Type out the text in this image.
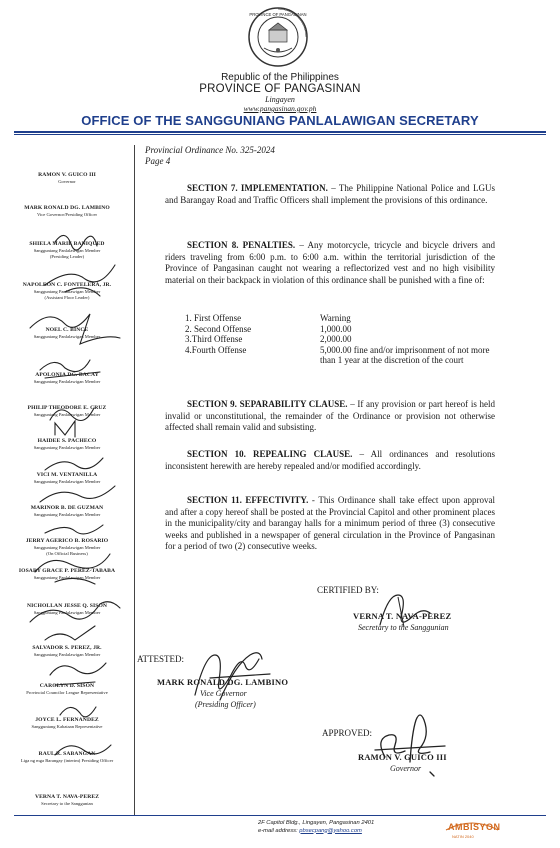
PROVINCE OF PANGASINAN
Republic of the Philippines
PROVINCE OF PANGASINAN
Lingayen
www.pangasinan.gov.ph
OFFICE OF THE SANGGUNIANG PANLALAWIGAN SECRETARY
RAMON V. GUICO III
Governor
MARK RONALD DG. LAMBINO
Vice Governor/Presiding Officer
SHIELA MARIE BANIQUED
Sangguniang Panlalawigan Member
(Presiding Leader)
NAPOLEON C. FONTELERA, JR.
Sangguniang Panlalawigan Member
(Assistant Floor Leader)
NOEL C. BINCE
Sangguniang Panlalawigan Member
APOLONIA DG. BACAY
Sangguniang Panlalawigan Member
PHILIP THEODORE E. CRUZ
Sangguniang Panlalawigan Member
HAIDEE S. PACHECO
Sangguniang Panlalawigan Member
VICI M. VENTANILLA
Sangguniang Panlalawigan Member
MARINOR B. DE GUZMAN
Sangguniang Panlalawigan Member
JERRY AGERICO B. ROSARIO
Sangguniang Panlalawigan Member
(On Official Business)
IOSARY GRACE P. PEREZ-TABABA
Sangguniang Panlalawigan Member
NICHOLLAN JESSE Q. SISON
Sangguniang Panlalawigan Member
SALVADOR S. PEREZ, JR.
Sangguniang Panlalawigan Member
CAROLYN D. SISON
Provincial Councilor League Representative
JOYCE L. FERNANDEZ
Sangguniang Kabataan Representative
RAUL R. SABANGAN
Liga ng mga Barangay (interim) Presiding Officer
VERNA T. NAVA-PEREZ
Secretary to the Sanggunian
Provincial Ordinance No. 325-2024
Page 4
SECTION 7. IMPLEMENTATION. – The Philippine National Police and LGUs and Barangay Road and Traffic Officers shall implement the provisions of this ordinance.
SECTION 8. PENALTIES. – Any motorcycle, tricycle and bicycle drivers and riders traveling from 6:00 p.m. to 6:00 a.m. within the territorial jurisdiction of the Province of Pangasinan caught not wearing a reflectorized vest and no high visibility material on their backpack in violation of this ordinance shall be punished with a fine of:
1. First Offense	Warning
2. Second Offense	1,000.00
3.Third Offense	2,000.00
4.Fourth Offense	5,000.00 fine and/or imprisonment of not more than 1 year at the discretion of the court
SECTION 9. SEPARABILITY CLAUSE. – If any provision or part hereof is held invalid or unconstitutional, the remainder of the Ordinance or provision not otherwise affected shall remain valid and subsisting.
SECTION 10. REPEALING CLAUSE. – All ordinances and resolutions inconsistent herewith are hereby repealed and/or modified accordingly.
SECTION 11. EFFECTIVITY. - This Ordinance shall take effect upon approval and after a copy hereof shall be posted at the Provincial Capitol and other prominent places in the municipality/city and barangay halls for a minimum period of three (3) consecutive weeks and published in a newspaper of general circulation in the Province of Pangasinan for a period of two (2) consecutive weeks.
CERTIFIED BY:
VERNA T. NAVA-PEREZ
Secretary to the Sanggunian
ATTESTED:
MARK RONALD DG. LAMBINO
Vice Governor
(Presiding Officer)
APPROVED:
RAMON V. GUICO III
Governor
2F Capitol Bldg., Lingayen, Pangasinan 2401
e-mail address: pbsecpang@yahoo.com	AMBISYON
NATIN 2040
